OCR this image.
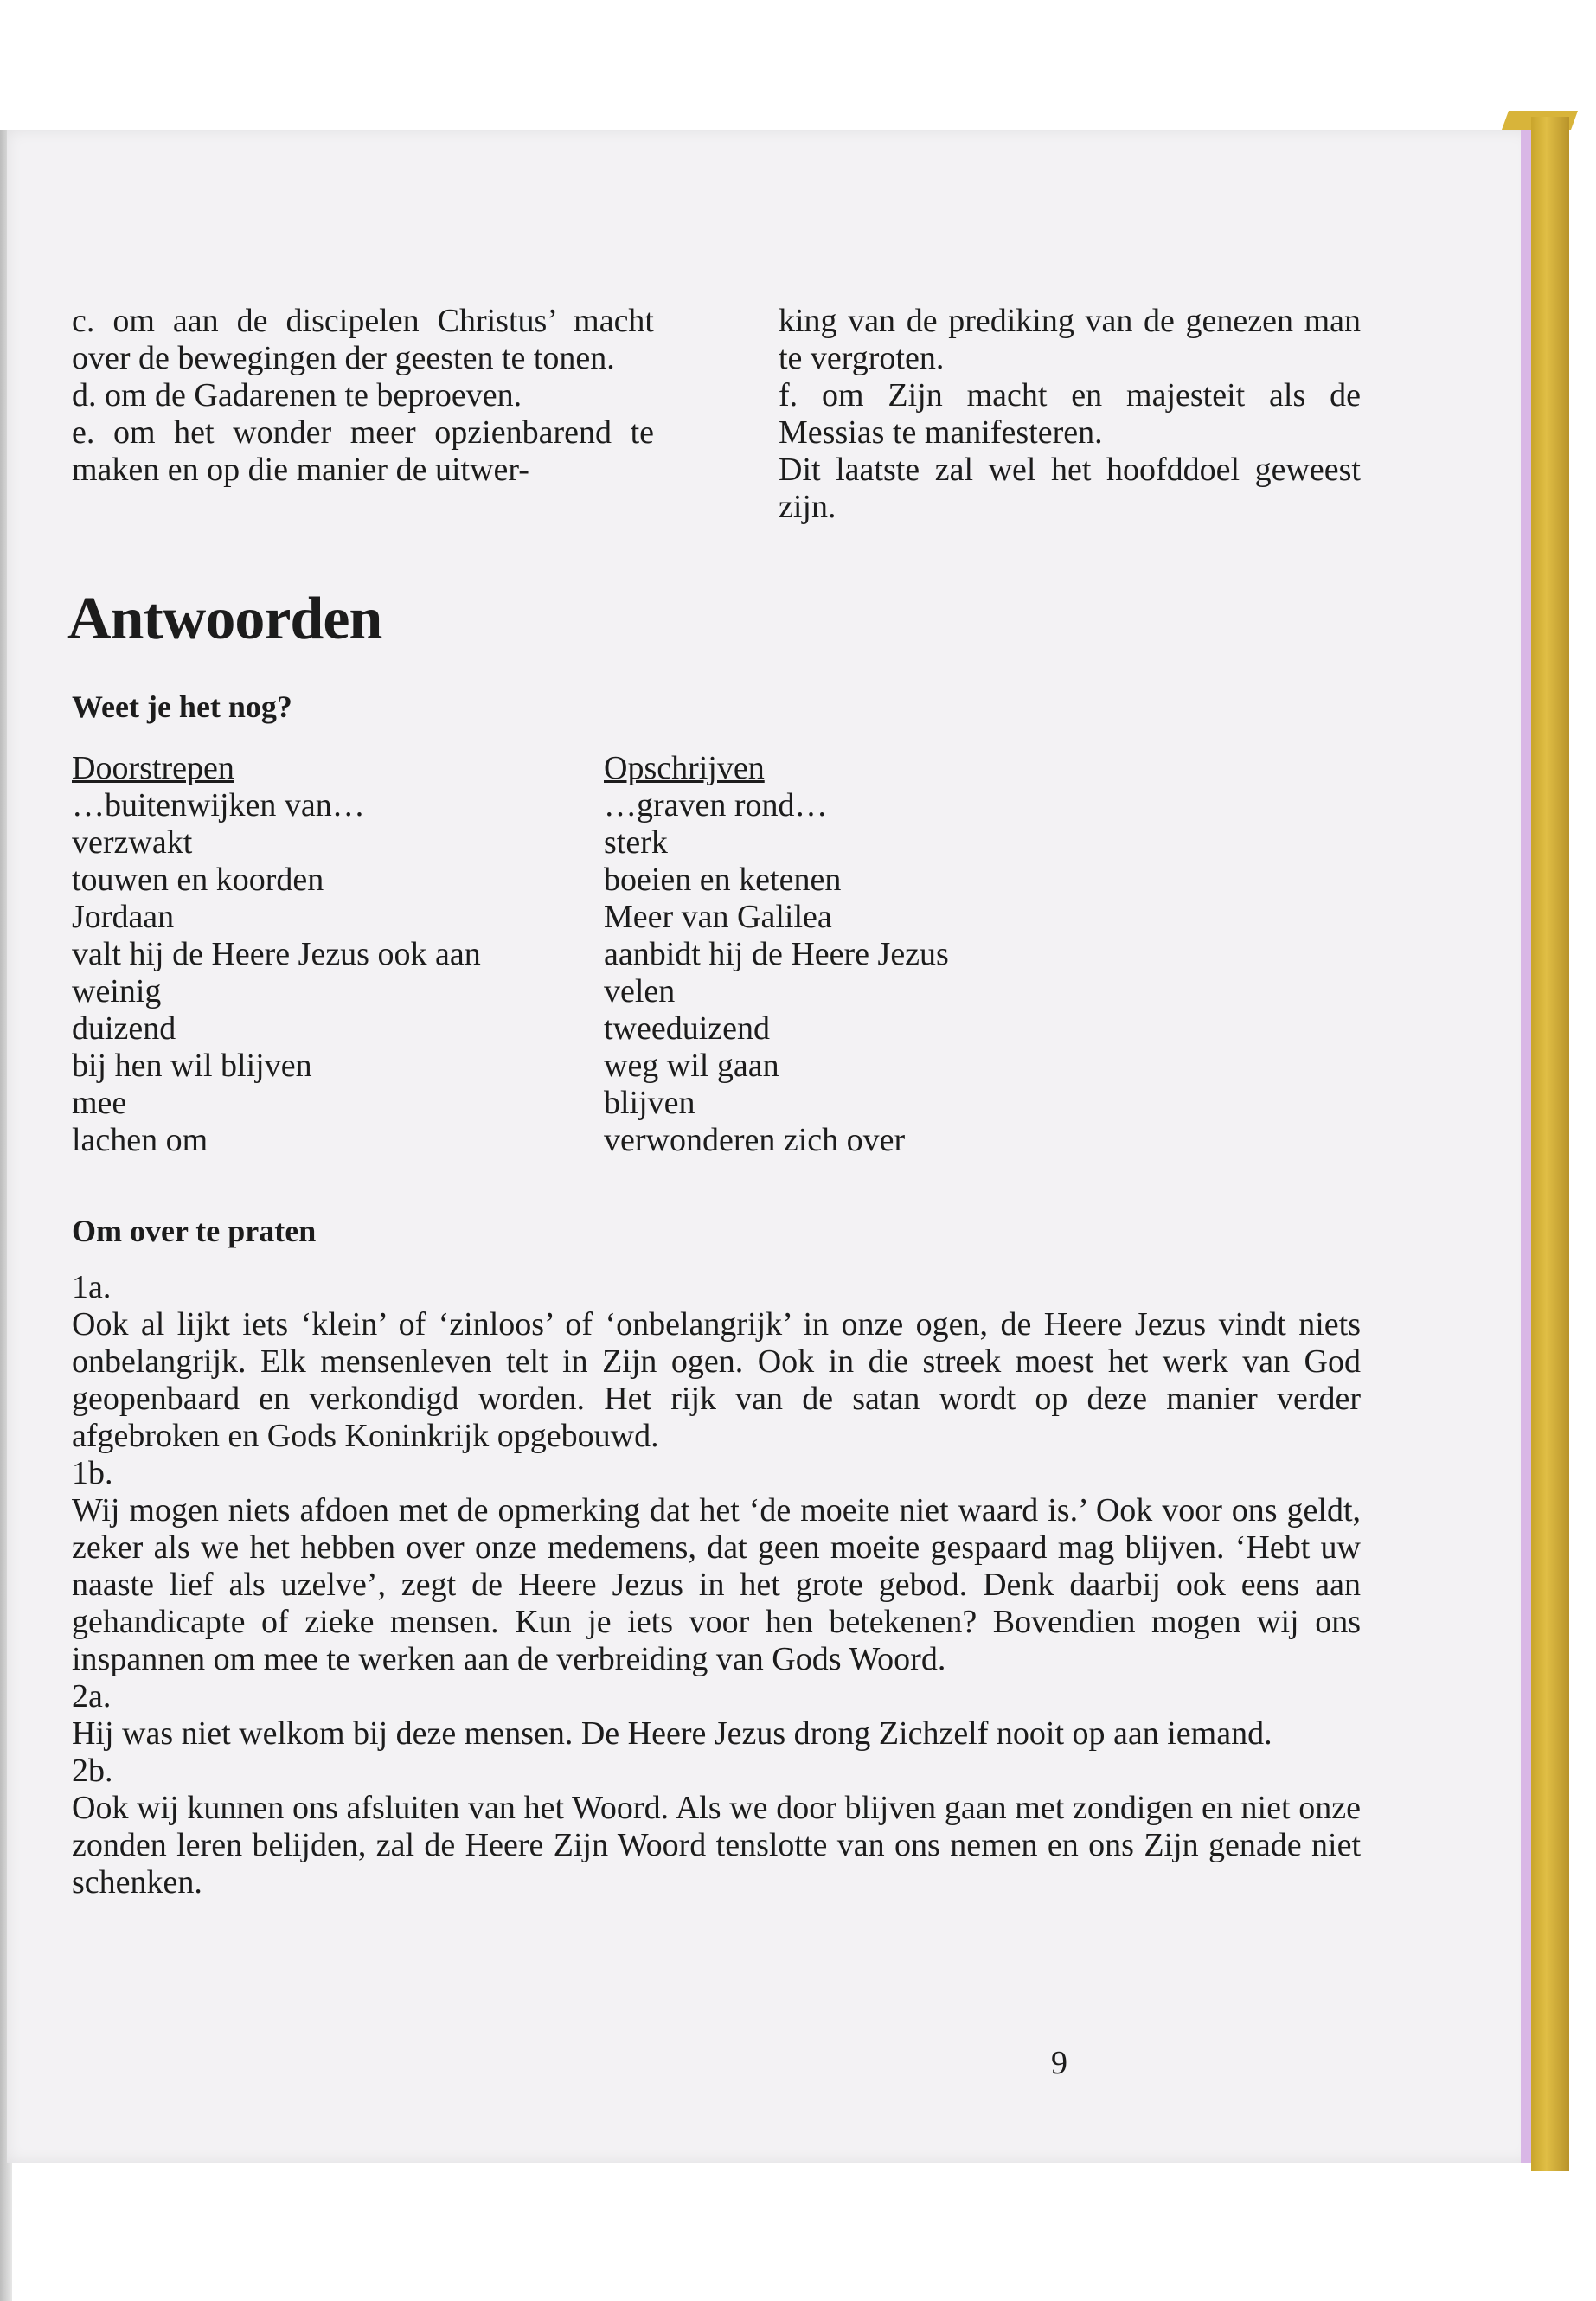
c. om aan de discipelen Christus’ macht over de bewegingen der geesten te tonen.

d. om de Gadarenen te beproeven.

e. om het wonder meer opzienbarend te maken en op die manier de uitwer-

king van de prediking van de genezen man te vergroten.

f. om Zijn macht en majesteit als de Messias te manifesteren.

Dit laatste zal wel het hoofddoel geweest zijn.

Antwoorden
Weet je het nog?
Doorstrepen
…buitenwijken van…
verzwakt
touwen en koorden
Jordaan
valt hij de Heere Jezus ook aan
weinig
duizend
bij hen wil blijven
mee
lachen om
Opschrijven
…graven rond…
sterk
boeien en ketenen
Meer van Galilea
aanbidt hij de Heere Jezus
velen
tweeduizend
weg wil gaan
blijven
verwonderen zich over
Om over te praten

1a.

Ook al lijkt iets ‘klein’ of ‘zinloos’ of ‘onbelangrijk’ in onze ogen, de Heere Jezus vindt niets onbelangrijk. Elk mensenleven telt in Zijn ogen. Ook in die streek moest het werk van God geopenbaard en verkondigd worden. Het rijk van de satan wordt op deze manier verder afgebroken en Gods Koninkrijk opgebouwd.

1b.

Wij mogen niets afdoen met de opmerking dat het ‘de moeite niet waard is.’ Ook voor ons geldt, zeker als we het hebben over onze medemens, dat geen moeite gespaard mag blijven. ‘Hebt uw naaste lief als uzelve’, zegt de Heere Jezus in het grote gebod. Denk daarbij ook eens aan gehandicapte of zieke mensen. Kun je iets voor hen betekenen? Bovendien mogen wij ons inspannen om mee te werken aan de verbreiding van Gods Woord.

2a.

Hij was niet welkom bij deze mensen. De Heere Jezus drong Zichzelf nooit op aan iemand.

2b.

Ook wij kunnen ons afsluiten van het Woord. Als we door blijven gaan met zondigen en niet onze zonden leren belijden, zal de Heere Zijn Woord tenslotte van ons nemen en ons Zijn genade niet schenken.

9
